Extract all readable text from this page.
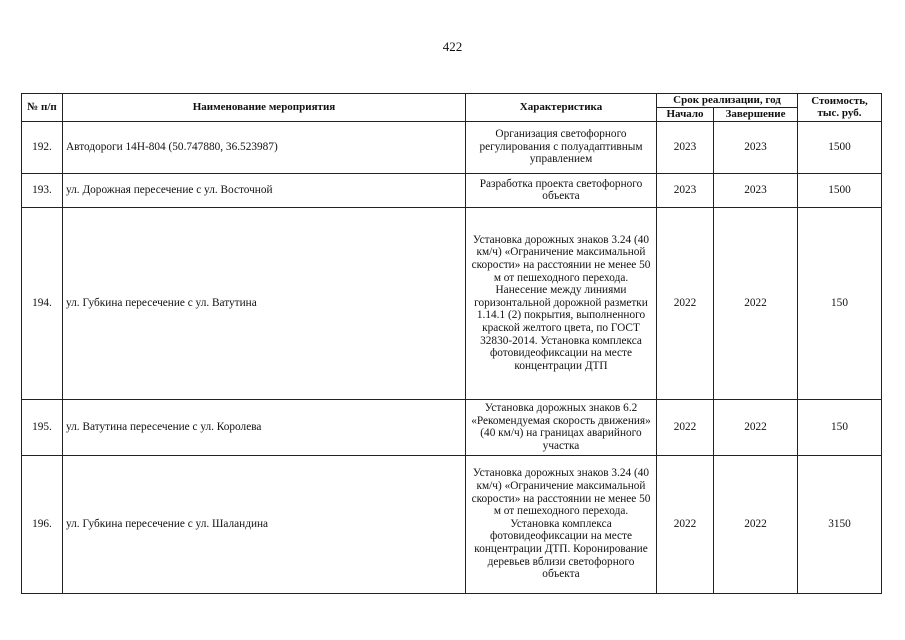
422
№ п/п	Наименование мероприятия	Характеристика	Срок реализации, год		Стоимость, тыс. руб.
			Начало	Завершение	
192.	Автодороги 14Н-804 (50.747880, 36.523987)	Организация светофорного регулирования с полуадаптивным управлением	2023	2023	1500
193.	ул. Дорожная пересечение с ул. Восточной	Разработка проекта светофорного объекта	2023	2023	1500
194.	ул. Губкина пересечение с ул. Ватутина	Установка дорожных знаков 3.24 (40 км/ч) «Ограничение максимальной скорости» на расстоянии не менее 50 м от пешеходного перехода. Нанесение между линиями горизонтальной дорожной разметки 1.14.1 (2) покрытия, выполненного краской желтого цвета, по ГОСТ 32830-2014. Установка комплекса фотовидеофиксации на месте концентрации ДТП	2022	2022	150
195.	ул. Ватутина пересечение с ул. Королева	Установка дорожных знаков 6.2 «Рекомендуемая скорость движения» (40 км/ч) на границах аварийного участка	2022	2022	150
196.	ул. Губкина пересечение с ул. Шаландина	Установка дорожных знаков 3.24 (40 км/ч) «Ограничение максимальной скорости» на расстоянии не менее 50 м от пешеходного перехода. Установка комплекса фотовидеофиксации на месте концентрации ДТП. Коронирование деревьев вблизи светофорного объекта	2022	2022	3150
